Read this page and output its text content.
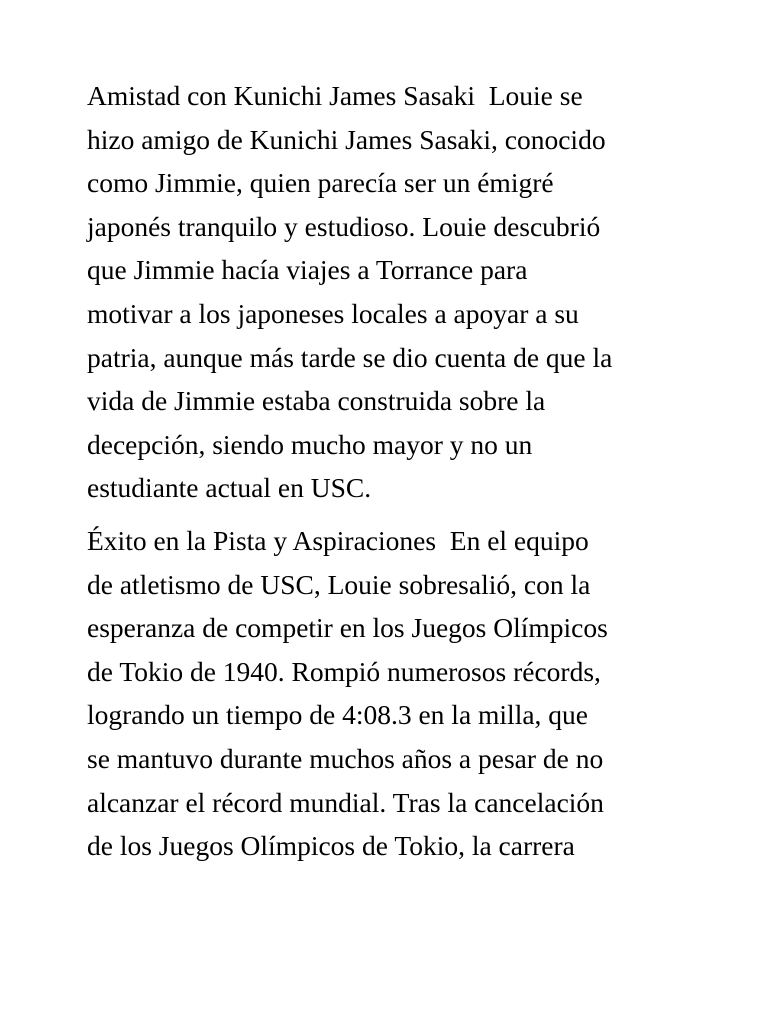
Amistad con Kunichi James Sasaki  Louie se
hizo amigo de Kunichi James Sasaki, conocido
como Jimmie, quien parecía ser un émigré
japonés tranquilo y estudioso. Louie descubrió
que Jimmie hacía viajes a Torrance para
motivar a los japoneses locales a apoyar a su
patria, aunque más tarde se dio cuenta de que la
vida de Jimmie estaba construida sobre la
decepción, siendo mucho mayor y no un
estudiante actual en USC.

Éxito en la Pista y Aspiraciones  En el equipo
de atletismo de USC, Louie sobresalió, con la
esperanza de competir en los Juegos Olímpicos
de Tokio de 1940. Rompió numerosos récords,
logrando un tiempo de 4:08.3 en la milla, que
se mantuvo durante muchos años a pesar de no
alcanzar el récord mundial. Tras la cancelación
de los Juegos Olímpicos de Tokio, la carrera
